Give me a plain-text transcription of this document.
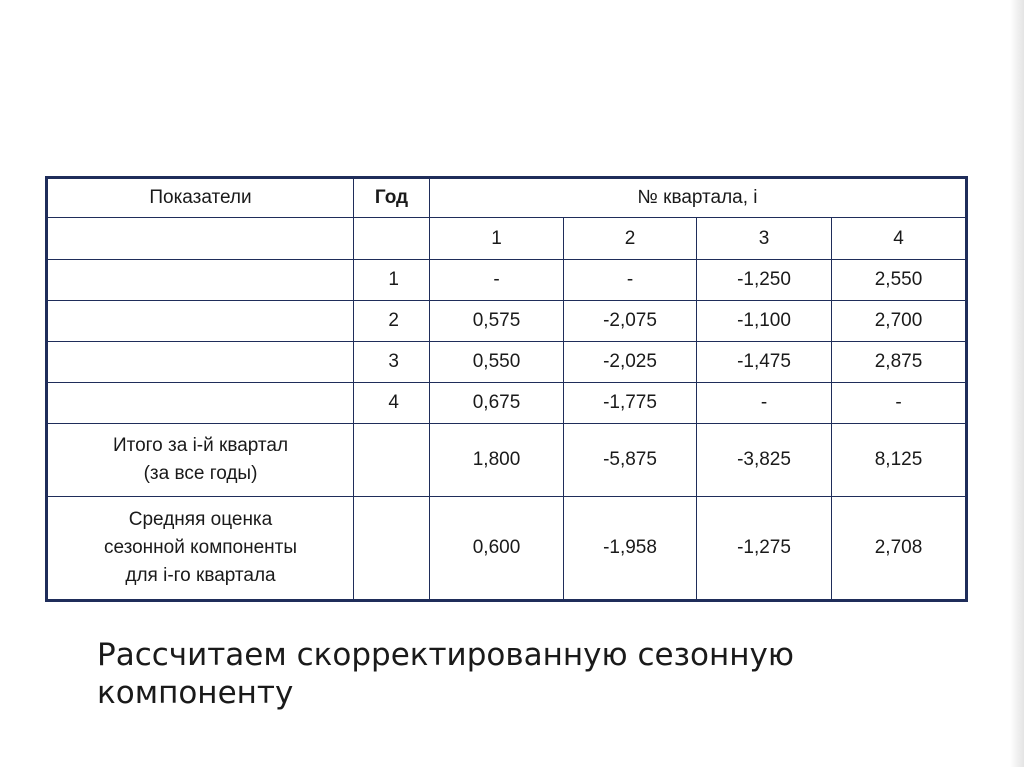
Показатели	Год	№ квартала, i			
		1	2	3	4
	1	-	-	-1,250	2,550
	2	0,575	-2,075	-1,100	2,700
	3	0,550	-2,025	-1,475	2,875
	4	0,675	-1,775	-	-

Итого за i-й квартал
(за все годы)		1,800	-5,875	-3,825	8,125

Средняя оценка
сезонной компоненты
для i-го квартала		0,600	-1,958	-1,275	2,708
Рассчитаем скорректированную сезонную
компоненту
